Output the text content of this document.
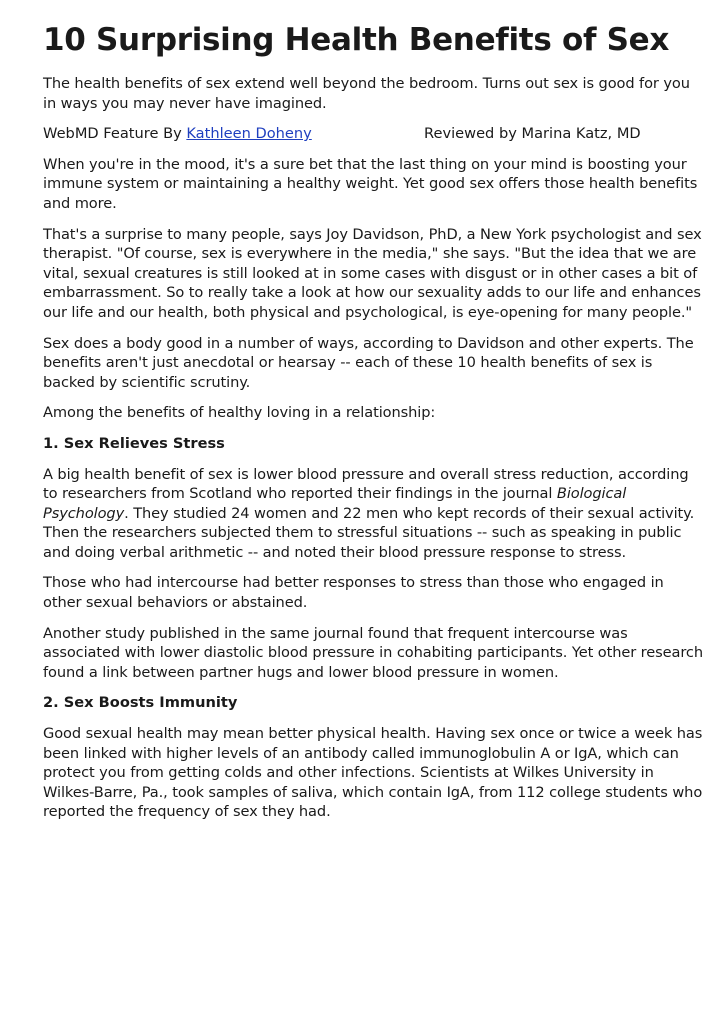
10 Surprising Health Benefits of Sex

The health benefits of sex extend well beyond the bedroom. Turns out sex is good for you in ways you may never have imagined.

WebMD Feature By Kathleen Doheny	Reviewed by Marina Katz, MD

When you're in the mood, it's a sure bet that the last thing on your mind is boosting your immune system or maintaining a healthy weight. Yet good sex offers those health benefits and more.

That's a surprise to many people, says Joy Davidson, PhD, a New York psychologist and sex therapist. "Of course, sex is everywhere in the media," she says. "But the idea that we are vital, sexual creatures is still looked at in some cases with disgust or in other cases a bit of embarrassment. So to really take a look at how our sexuality adds to our life and enhances our life and our health, both physical and psychological, is eye-opening for many people."

Sex does a body good in a number of ways, according to Davidson and other experts. The benefits aren't just anecdotal or hearsay -- each of these 10 health benefits of sex is backed by scientific scrutiny.

Among the benefits of healthy loving in a relationship:

1. Sex Relieves Stress

A big health benefit of sex is lower blood pressure and overall stress reduction, according to researchers from Scotland who reported their findings in the journal Biological Psychology. They studied 24 women and 22 men who kept records of their sexual activity. Then the researchers subjected them to stressful situations -- such as speaking in public and doing verbal arithmetic -- and noted their blood pressure response to stress.

Those who had intercourse had better responses to stress than those who engaged in other sexual behaviors or abstained.

Another study published in the same journal found that frequent intercourse was associated with lower diastolic blood pressure in cohabiting participants. Yet other research found a link between partner hugs and lower blood pressure in women.

2. Sex Boosts Immunity

Good sexual health may mean better physical health. Having sex once or twice a week has been linked with higher levels of an antibody called immunoglobulin A or IgA, which can protect you from getting colds and other infections. Scientists at Wilkes University in Wilkes-Barre, Pa., took samples of saliva, which contain IgA, from 112 college students who reported the frequency of sex they had.
